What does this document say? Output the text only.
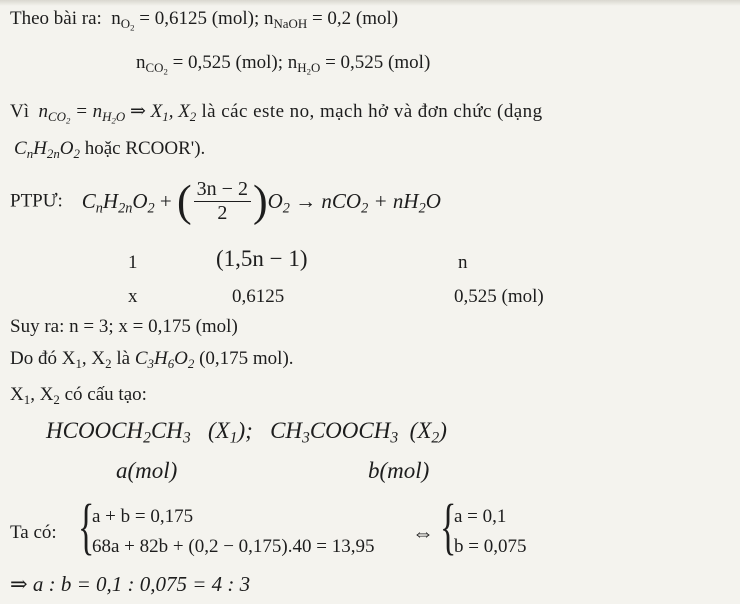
Theo bài ra: $n_{O_2} = 0,6125$ (mol); $n_{NaOH} = 0,2$ (mol)
$n_{CO_2} = 0,525$ (mol); $n_{H_2O} = 0,525$ (mol)
Vì $n_{CO_2} = n_{H_2O}$ ⇒ $X_1$, $X_2$ là các este no, mạch hở và đơn chức (dạng
$C_nH_{2n}O_2$ hoặc RCOOR').
PTPƯ: $C_nH_{2n}O_2$ + ( $\frac{3n - 2}{2} )O_2 \to nCO_2 + nH_2O$
1	(1,5n − 1)	n
x	0,6125	0,525 (mol)
Suy ra: n = 3; x = 0,175 (mol)
Do đó $X_1$, $X_2$ là $C_3H_6O_2$ (0,175 mol).
$X_1$, $X_2$ có cấu tạo:
$HCOOCH_2CH_3$ $(X_1)$; $CH_3COOCH_3$ $(X_2)$
a(mol)	b(mol)
Ta có: {
a + b = 0,175
68a + 82b + (0,2 − 0,175).40 = 13,95
⇔ {
a = 0,1
b = 0,075
⇒ a : b = 0,1 : 0,075 = 4 : 3
